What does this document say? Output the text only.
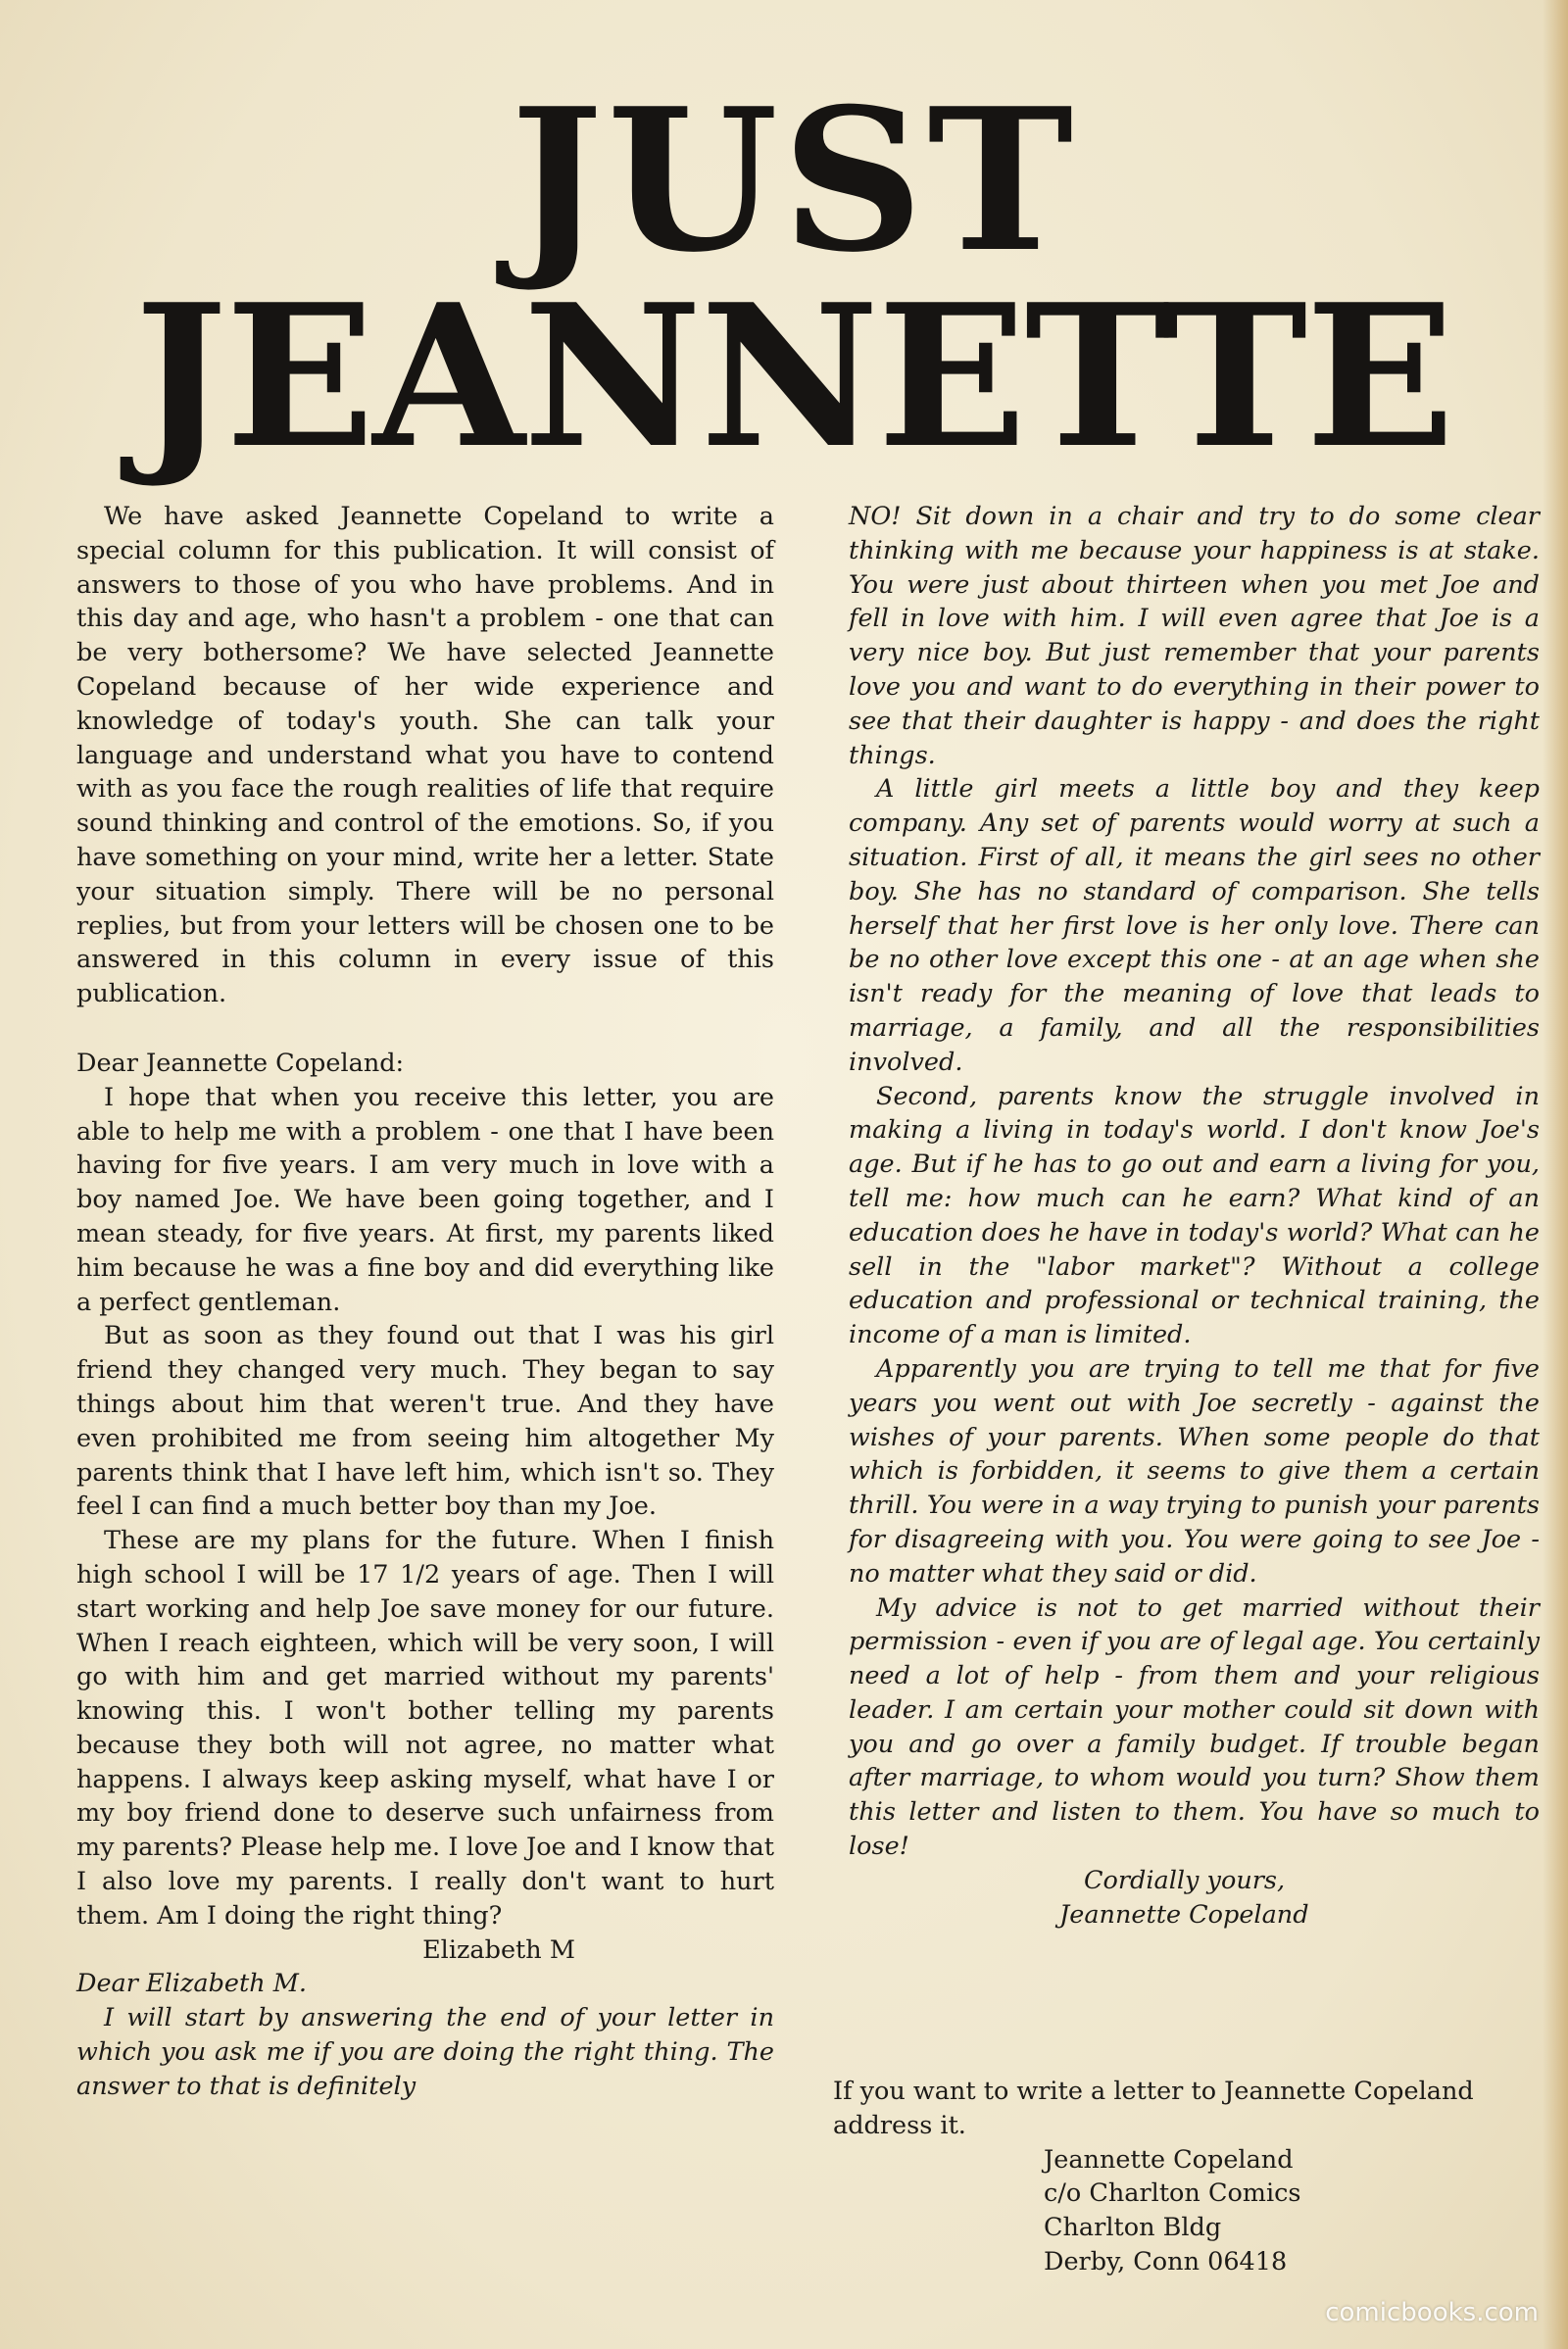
JUST
JEANNETTE

We have asked Jeannette Copeland to write a special column for this publication. It will consist of answers to those of you who have problems. And in this day and age, who hasn't a problem - one that can be very bothersome? We have selected Jeannette Copeland because of her wide experience and knowledge of today's youth. She can talk your language and understand what you have to contend with as you face the rough realities of life that require sound thinking and control of the emotions. So, if you have something on your mind, write her a letter. State your situation simply. There will be no personal replies, but from your letters will be chosen one to be answered in this column in every issue of this publication.

Dear Jeannette Copeland:

I hope that when you receive this letter, you are able to help me with a problem - one that I have been having for five years. I am very much in love with a boy named Joe. We have been going together, and I mean steady, for five years. At first, my parents liked him because he was a fine boy and did everything like a perfect gentleman.

But as soon as they found out that I was his girl friend they changed very much. They began to say things about him that weren't true. And they have even prohibited me from seeing him altogether My parents think that I have left him, which isn't so. They feel I can find a much better boy than my Joe.

These are my plans for the future. When I finish high school I will be 17 1/2 years of age. Then I will start working and help Joe save money for our future. When I reach eighteen, which will be very soon, I will go with him and get married without my parents' knowing this. I won't bother telling my parents because they both will not agree, no matter what happens. I always keep asking myself, what have I or my boy friend done to deserve such unfairness from my parents? Please help me. I love Joe and I know that I also love my parents. I really don't want to hurt them. Am I doing the right thing?

Elizabeth M

Dear Elizabeth M.

I will start by answering the end of your letter in which you ask me if you are doing the right thing. The answer to that is definitely

NO! Sit down in a chair and try to do some clear thinking with me because your happiness is at stake. You were just about thirteen when you met Joe and fell in love with him. I will even agree that Joe is a very nice boy. But just remember that your parents love you and want to do everything in their power to see that their daughter is happy - and does the right things.

A little girl meets a little boy and they keep company. Any set of parents would worry at such a situation. First of all, it means the girl sees no other boy. She has no standard of comparison. She tells herself that her first love is her only love. There can be no other love except this one - at an age when she isn't ready for the meaning of love that leads to marriage, a family, and all the responsibilities involved.

Second, parents know the struggle involved in making a living in today's world. I don't know Joe's age. But if he has to go out and earn a living for you, tell me: how much can he earn? What kind of an education does he have in today's world? What can he sell in the "labor market"? Without a college education and professional or technical training, the income of a man is limited.

Apparently you are trying to tell me that for five years you went out with Joe secretly - against the wishes of your parents. When some people do that which is forbidden, it seems to give them a certain thrill. You were in a way trying to punish your parents for disagreeing with you. You were going to see Joe - no matter what they said or did.

My advice is not to get married without their permission - even if you are of legal age. You certainly need a lot of help - from them and your religious leader. I am certain your mother could sit down with you and go over a family budget. If trouble began after marriage, to whom would you turn? Show them this letter and listen to them. You have so much to lose!

Cordially yours,

Jeannette Copeland

If you want to write a letter to Jeannette Copeland address it.

Jeannette Copeland

c/o Charlton Comics

Charlton Bldg

Derby, Conn 06418

comicbooks.com
